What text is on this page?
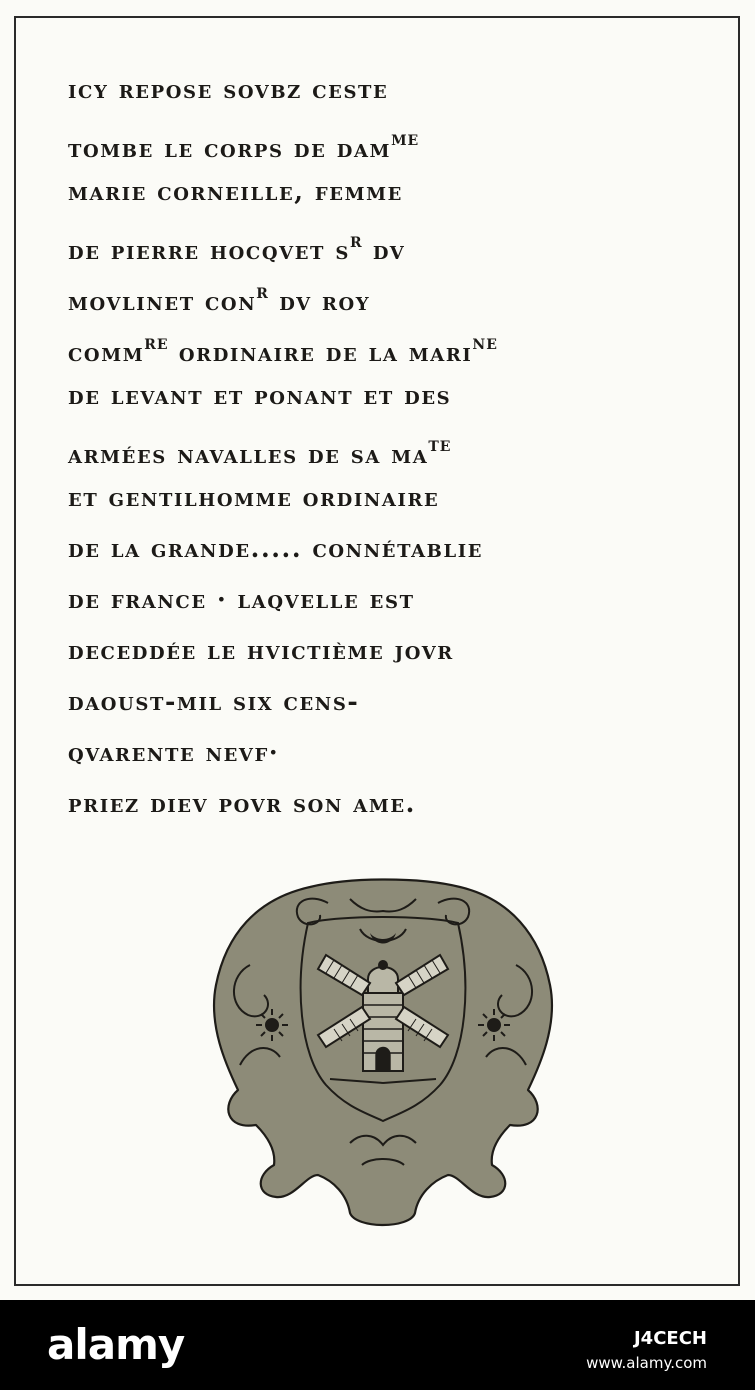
icy repose sovbz ceste
tombe le corps de dam$^{ME}$
marie corneille, femme
de pierre hocqvet $s^R$ dv
movlinet con$^R$ dv roy
comm$^{RE}$ ordinaire de la mari$^{NE}$
de levant et ponant et des
armées navalles de sa $ma^{TE}$
et gentilhomme ordinaire
de la grande..... connétablie
de france · laqvelle est
deceddée le hvictième jovr
daoust-mil six cens-
qvarente nevf·
priez diev povr son ame.
alamy	J4CECH
www.alamy.com
